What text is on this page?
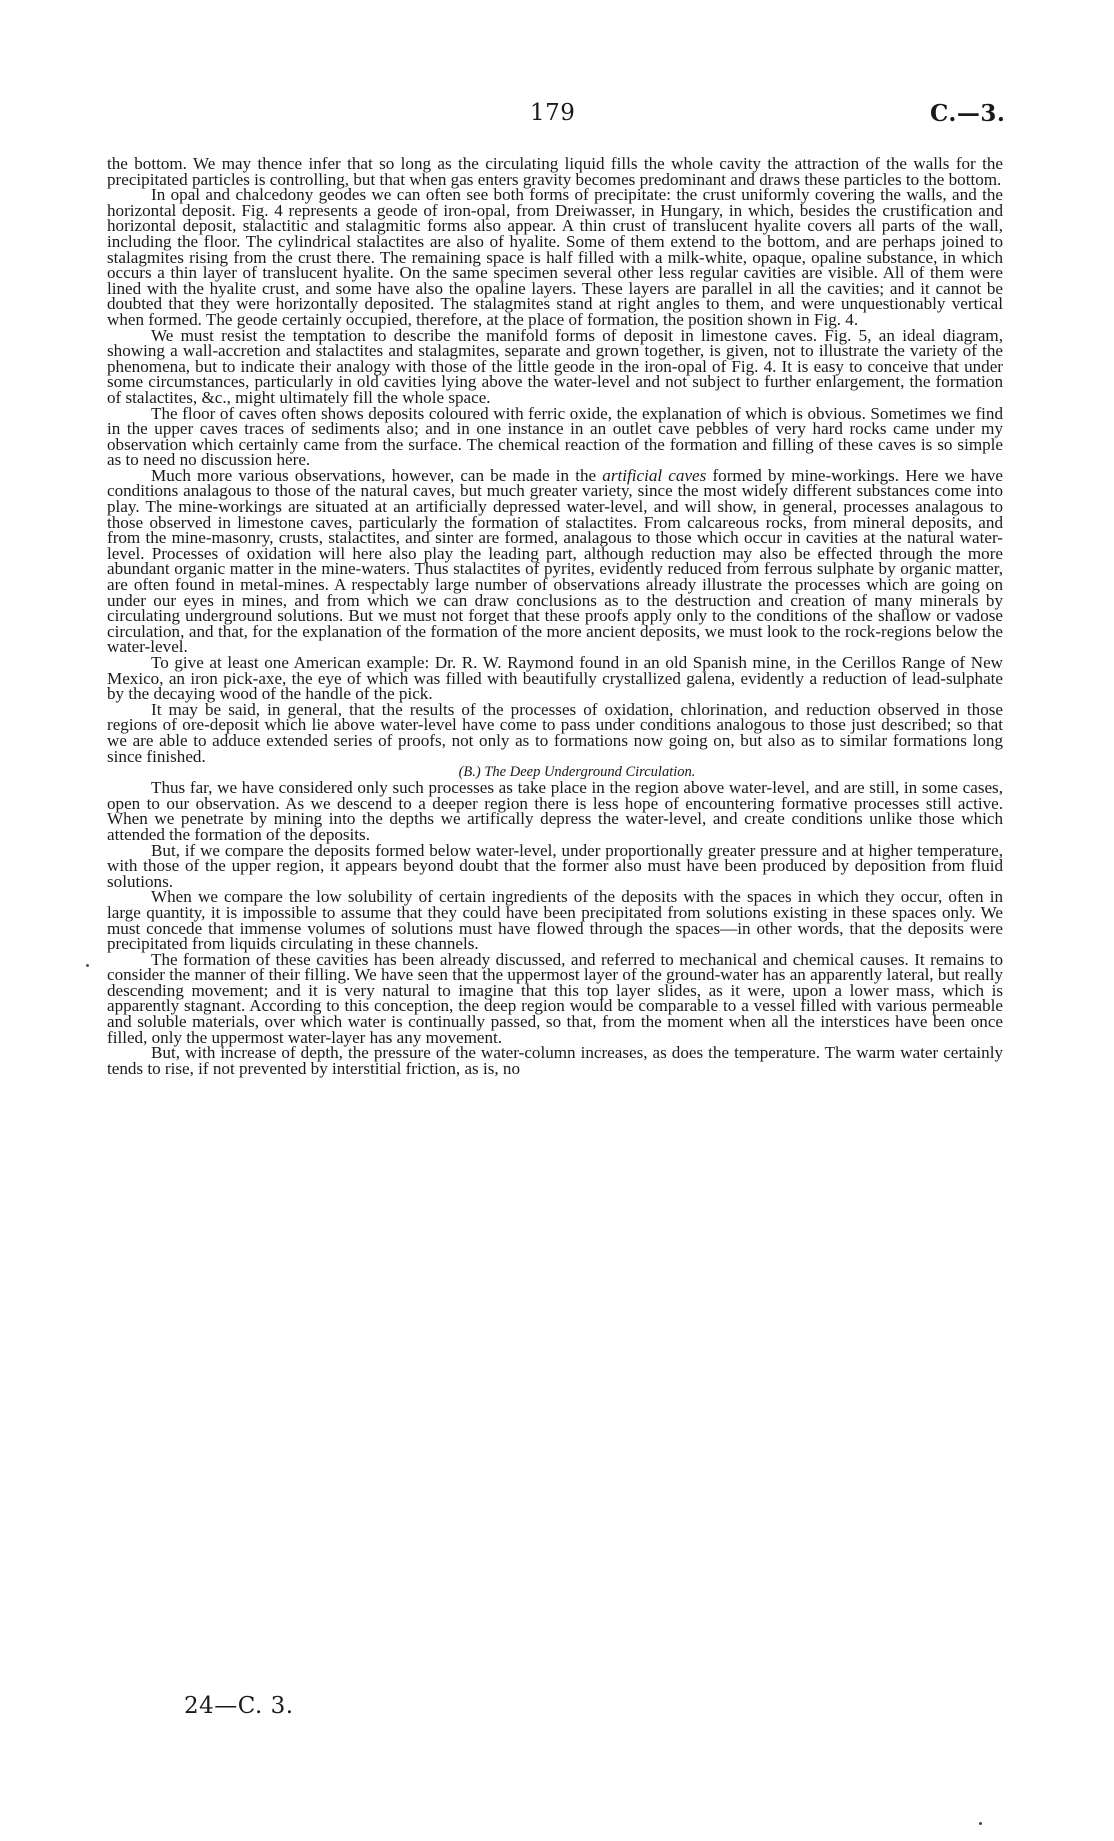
179	C.—3.

the bottom. We may thence infer that so long as the circulating liquid fills the whole cavity the attraction of the walls for the precipitated particles is controlling, but that when gas enters gravity becomes predominant and draws these particles to the bottom.

In opal and chalcedony geodes we can often see both forms of precipitate: the crust uniformly covering the walls, and the horizontal deposit. Fig. 4 represents a geode of iron-opal, from Dreiwasser, in Hungary, in which, besides the crustification and horizontal deposit, stalactitic and stalagmitic forms also appear. A thin crust of translucent hyalite covers all parts of the wall, including the floor. The cylindrical stalactites are also of hyalite. Some of them extend to the bottom, and are perhaps joined to stalagmites rising from the crust there. The remaining space is half filled with a milk-white, opaque, opaline substance, in which occurs a thin layer of translucent hyalite. On the same specimen several other less regular cavities are visible. All of them were lined with the hyalite crust, and some have also the opaline layers. These layers are parallel in all the cavities; and it cannot be doubted that they were horizontally deposited. The stalagmites stand at right angles to them, and were unquestionably vertical when formed. The geode certainly occupied, therefore, at the place of formation, the position shown in Fig. 4.

We must resist the temptation to describe the manifold forms of deposit in limestone caves. Fig. 5, an ideal diagram, showing a wall-accretion and stalactites and stalagmites, separate and grown together, is given, not to illustrate the variety of the phenomena, but to indicate their analogy with those of the little geode in the iron-opal of Fig. 4. It is easy to conceive that under some circumstances, particularly in old cavities lying above the water-level and not subject to further enlargement, the formation of stalactites, &c., might ultimately fill the whole space.

The floor of caves often shows deposits coloured with ferric oxide, the explanation of which is obvious. Sometimes we find in the upper caves traces of sediments also; and in one instance in an outlet cave pebbles of very hard rocks came under my observation which certainly came from the surface. The chemical reaction of the formation and filling of these caves is so simple as to need no discussion here.

Much more various observations, however, can be made in the artificial caves formed by mine-workings. Here we have conditions analagous to those of the natural caves, but much greater variety, since the most widely different substances come into play. The mine-workings are situated at an artificially depressed water-level, and will show, in general, processes analagous to those observed in limestone caves, particularly the formation of stalactites. From calcareous rocks, from mineral deposits, and from the mine-masonry, crusts, stalactites, and sinter are formed, analagous to those which occur in cavities at the natural water-level. Processes of oxidation will here also play the leading part, although reduction may also be effected through the more abundant organic matter in the mine-waters. Thus stalactites of pyrites, evidently reduced from ferrous sulphate by organic matter, are often found in metal-mines. A respectably large number of observations already illustrate the processes which are going on under our eyes in mines, and from which we can draw conclusions as to the destruction and creation of many minerals by circulating underground solutions. But we must not forget that these proofs apply only to the conditions of the shallow or vadose circulation, and that, for the explanation of the formation of the more ancient deposits, we must look to the rock-regions below the water-level.

To give at least one American example: Dr. R. W. Raymond found in an old Spanish mine, in the Cerillos Range of New Mexico, an iron pick-axe, the eye of which was filled with beautifully crystallized galena, evidently a reduction of lead-sulphate by the decaying wood of the handle of the pick.

It may be said, in general, that the results of the processes of oxidation, chlorination, and reduction observed in those regions of ore-deposit which lie above water-level have come to pass under conditions analogous to those just described; so that we are able to adduce extended series of proofs, not only as to formations now going on, but also as to similar formations long since finished.

(B.) The Deep Underground Circulation.

Thus far, we have considered only such processes as take place in the region above water-level, and are still, in some cases, open to our observation. As we descend to a deeper region there is less hope of encountering formative processes still active. When we penetrate by mining into the depths we artifically depress the water-level, and create conditions unlike those which attended the formation of the deposits.

But, if we compare the deposits formed below water-level, under proportionally greater pressure and at higher temperature, with those of the upper region, it appears beyond doubt that the former also must have been produced by deposition from fluid solutions.

When we compare the low solubility of certain ingredients of the deposits with the spaces in which they occur, often in large quantity, it is impossible to assume that they could have been precipitated from solutions existing in these spaces only. We must concede that immense volumes of solutions must have flowed through the spaces—in other words, that the deposits were precipitated from liquids circulating in these channels.

The formation of these cavities has been already discussed, and referred to mechanical and chemical causes. It remains to consider the manner of their filling. We have seen that the uppermost layer of the ground-water has an apparently lateral, but really descending movement; and it is very natural to imagine that this top layer slides, as it were, upon a lower mass, which is apparently stagnant. According to this conception, the deep region would be comparable to a vessel filled with various permeable and soluble materials, over which water is continually passed, so that, from the moment when all the interstices have been once filled, only the uppermost water-layer has any movement.

But, with increase of depth, the pressure of the water-column increases, as does the temperature. The warm water certainly tends to rise, if not prevented by interstitial friction, as is, no

24—C. 3.
